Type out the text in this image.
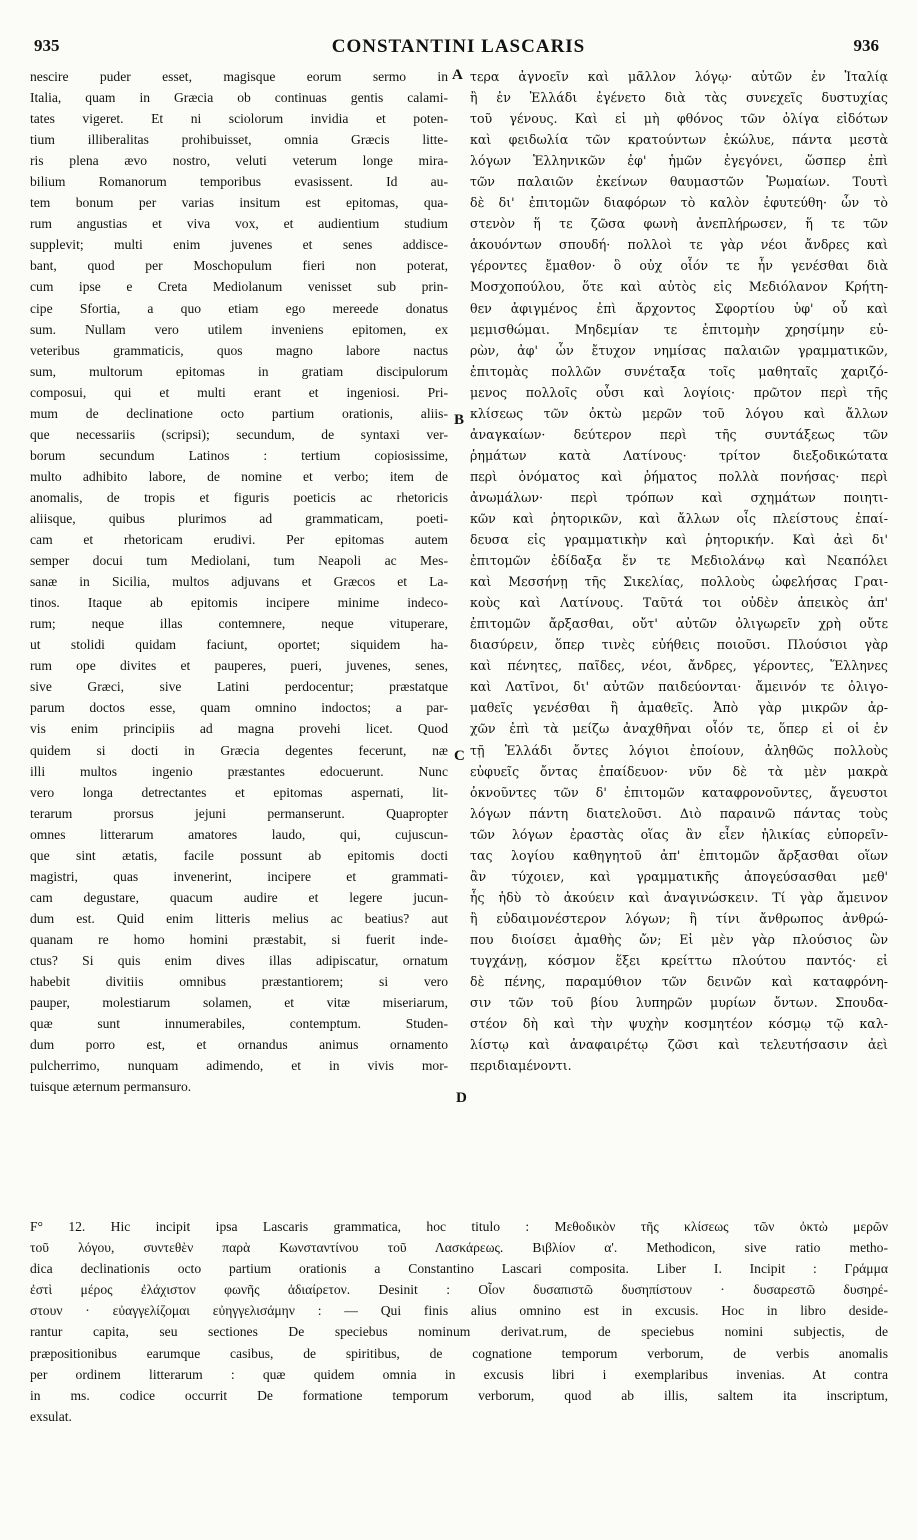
935	CONSTANTINI LASCARIS	936
nescire puder esset, magisque eorum sermo in
Italia, quam in Græcia ob continuas gentis calami-
tates vigeret. Et ni sciolorum invidia et poten-
tium illiberalitas prohibuisset, omnia Græcis litte-
ris plena ævo nostro, veluti veterum longe mira-
bilium Romanorum temporibus evasissent. Id au-
tem bonum per varias insitum est epitomas, qua-
rum angustias et viva vox, et audientium studium
supplevit; multi enim juvenes et senes addisce-
bant, quod per Moschopulum fieri non poterat,
cum ipse e Creta Mediolanum venisset sub prin-
cipe Sfortia, a quo etiam ego mereede donatus
sum. Nullam vero utilem inveniens epitomen, ex
veteribus grammaticis, quos magno labore nactus
sum, multorum epitomas in gratiam discipulorum
composui, qui et multi erant et ingeniosi. Pri-
mum de declinatione octo partium orationis, aliis-
que necessariis (scripsi); secundum, de syntaxi ver-
borum secundum Latinos : tertium copiosissime,
multo adhibito labore, de nomine et verbo; item de
anomalis, de tropis et figuris poeticis ac rhetoricis
aliisque, quibus plurimos ad grammaticam, poeti-
cam et rhetoricam erudivi. Per epitomas autem
semper docui tum Mediolani, tum Neapoli ac Mes-
sanæ in Sicilia, multos adjuvans et Græcos et La-
tinos. Itaque ab epitomis incipere minime indeco-
rum; neque illas contemnere, neque vituperare,
ut stolidi quidam faciunt, oportet; siquidem ha-
rum ope divites et pauperes, pueri, juvenes, senes,
sive Græci, sive Latini perdocentur; præstatque
parum doctos esse, quam omnino indoctos; a par-
vis enim principiis ad magna provehi licet. Quod
quidem si docti in Græcia degentes fecerunt, næ
illi multos ingenio præstantes edocuerunt. Nunc
vero longa detrectantes et epitomas aspernati, lit-
terarum prorsus jejuni permanserunt. Quapropter
omnes litterarum amatores laudo, qui, cujuscun-
que sint ætatis, facile possunt ab epitomis docti
magistri, quas invenerint, incipere et grammati-
cam degustare, quacum audire et legere jucun-
dum est. Quid enim litteris melius ac beatius? aut
quanam re homo homini præstabit, si fuerit inde-
ctus? Si quis enim dives illas adipiscatur, ornatum
habebit divitiis omnibus præstantiorem; si vero
pauper, molestiarum solamen, et vitæ miseriarum,
quæ sunt innumerabiles, contemptum. Studen-
dum porro est, et ornandus animus ornamento
pulcherrimo, nunquam adimendo, et in vivis mor-
tuisque æternum permansuro.
τερα ἀγνοεῖν καὶ μᾶλλον λόγῳ· αὐτῶν ἐν Ἰταλίᾳ
ἢ ἐν Ἑλλάδι ἐγένετο διὰ τὰς συνεχεῖς δυστυχίας
τοῦ γένους. Καὶ εἰ μὴ φθόνος τῶν ὀλίγα εἰδότων
καὶ φειδωλία τῶν κρατούντων ἐκώλυε, πάντα μεστὰ
λόγων Ἑλληνικῶν ἐφ' ἡμῶν ἐγεγόνει, ὥσπερ ἐπὶ
τῶν παλαιῶν ἐκείνων θαυμαστῶν Ῥωμαίων. Τουτὶ
δὲ δι' ἐπιτομῶν διαφόρων τὸ καλὸν ἐφυτεύθη· ὧν τὸ
στενὸν ἥ τε ζῶσα φωνὴ ἀνεπλήρωσεν, ἥ τε τῶν
ἀκουόντων σπουδή· πολλοὶ τε γὰρ νέοι ἄνδρες καὶ
γέροντες ἔμαθον· ὃ οὐχ οἷόν τε ἦν γενέσθαι διὰ
Μοσχοπούλου, ὅτε καὶ αὐτὸς εἰς Μεδιόλανον Κρήτη-
θεν ἀφιγμένος ἐπὶ ἄρχοντος Σφορτίου ὑφ' οὗ καὶ
μεμισθώμαι. Μηδεμίαν τε ἐπιτομὴν χρησίμην εὑ-
ρὼν, ἀφ' ὧν ἔτυχον νημίσας παλαιῶν γραμματικῶν,
ἐπιτομὰς πολλῶν συνέταξα τοῖς μαθηταῖς χαριζό-
μενος πολλοῖς οὖσι καὶ λογίοις· πρῶτον περὶ τῆς
κλίσεως τῶν ὀκτὼ μερῶν τοῦ λόγου καὶ ἄλλων
ἀναγκαίων· δεύτερον περὶ τῆς συντάξεως τῶν
ῥημάτων κατὰ Λατίνους· τρίτον διεξοδικώτατα
περὶ ὀνόματος καὶ ῥήματος πολλὰ πονήσας· περὶ
ἀνωμάλων· περὶ τρόπων καὶ σχημάτων ποιητι-
κῶν καὶ ῥητορικῶν, καὶ ἄλλων οἷς πλείστους ἐπαί-
δευσα εἰς γραμματικὴν καὶ ῥητορικήν. Καὶ ἀεὶ δι'
ἐπιτομῶν ἐδίδαξα ἔν τε Μεδιολάνῳ καὶ Νεαπόλει
καὶ Μεσσήνῃ τῆς Σικελίας, πολλοὺς ὠφελήσας Γραι-
κοὺς καὶ Λατίνους. Ταῦτά τοι οὐδὲν ἀπεικὸς ἀπ'
ἐπιτομῶν ἄρξασθαι, οὔτ' αὐτῶν ὀλιγωρεῖν χρὴ οὔτε
διασύρειν, ὅπερ τινὲς εὐήθεις ποιοῦσι. Πλούσιοι γὰρ
καὶ πένητες, παῖδες, νέοι, ἄνδρες, γέροντες, Ἕλληνες
καὶ Λατῖνοι, δι' αὐτῶν παιδεύονται· ἄμεινόν τε ὀλιγο-
μαθεῖς γενέσθαι ἢ ἀμαθεῖς. Ἀπὸ γὰρ μικρῶν ἀρ-
χῶν ἐπὶ τὰ μείζω ἀναχθῆναι οἷόν τε, ὅπερ εἰ οἱ ἐν
τῇ Ἑλλάδι ὄντες λόγιοι ἐποίουν, ἀληθῶς πολλοὺς
εὐφυεῖς ὄντας ἐπαίδευον· νῦν δὲ τὰ μὲν μακρὰ
ὀκνοῦντες τῶν δ' ἐπιτομῶν καταφρονοῦντες, ἄγευστοι
λόγων πάντη διατελοῦσι. Διὸ παραινῶ πάντας τοὺς
τῶν λόγων ἐραστὰς οἵας ἂν εἶεν ἡλικίας εὐπορεῖν-
τας λογίου καθηγητοῦ ἀπ' ἐπιτομῶν ἄρξασθαι οἵων
ἂν τύχοιεν, καὶ γραμματικῆς ἀπογεύσασθαι μεθ'
ἧς ἡδὺ τὸ ἀκούειν καὶ ἀναγινώσκειν. Τί γὰρ ἄμεινον
ἢ εὐδαιμονέστερον λόγων; ἢ τίνι ἄνθρωπος ἀνθρώ-
που διοίσει ἀμαθὴς ὤν; Εἰ μὲν γὰρ πλούσιος ὢν
τυγχάνῃ, κόσμον ἕξει κρείττω πλούτου παντός· εἰ
δὲ πένης, παραμύθιον τῶν δεινῶν καὶ καταφρόνη-
σιν τῶν τοῦ βίου λυπηρῶν μυρίων ὄντων. Σπουδα-
στέον δὴ καὶ τὴν ψυχὴν κοσμητέον κόσμῳ τῷ καλ-
λίστῳ καὶ ἀναφαιρέτῳ ζῶσι καὶ τελευτήσασιν ἀεὶ
περιδιαμένοντι.
A
B
C
D
F° 12. Hic incipit ipsa Lascaris grammatica, hoc titulo : Μεθοδικὸν τῆς κλίσεως τῶν ὀκτὼ μερῶν
τοῦ λόγου, συντεθὲν παρὰ Κωνσταντίνου τοῦ Λασκάρεως. Βιβλίον α'. Methodicon, sive ratio metho-
dica declinationis octo partium orationis a Constantino Lascari composita. Liber I. Incipit : Γράμμα
ἐστὶ μέρος ἐλάχιστον φωνῆς ἀδιαίρετον. Desinit : Οἷον δυσαπιστῶ δυσηπίστουν · δυσαρεστῶ δυσηρέ-
στουν · εὐαγγελίζομαι εὐηγγελισάμην : — Qui finis alius omnino est in excusis. Hoc in libro deside-
rantur capita, seu sectiones De speciebus nominum derivat.rum, de speciebus nomini subjectis, de
præpositionibus earumque casibus, de spiritibus, de cognatione temporum verborum, de verbis anomalis
per ordinem litterarum : quæ quidem omnia in excusis libri i exemplaribus invenias. At contra
in ms. codice occurrit De formatione temporum verborum, quod ab illis, saltem ita inscriptum,
exsulat.
